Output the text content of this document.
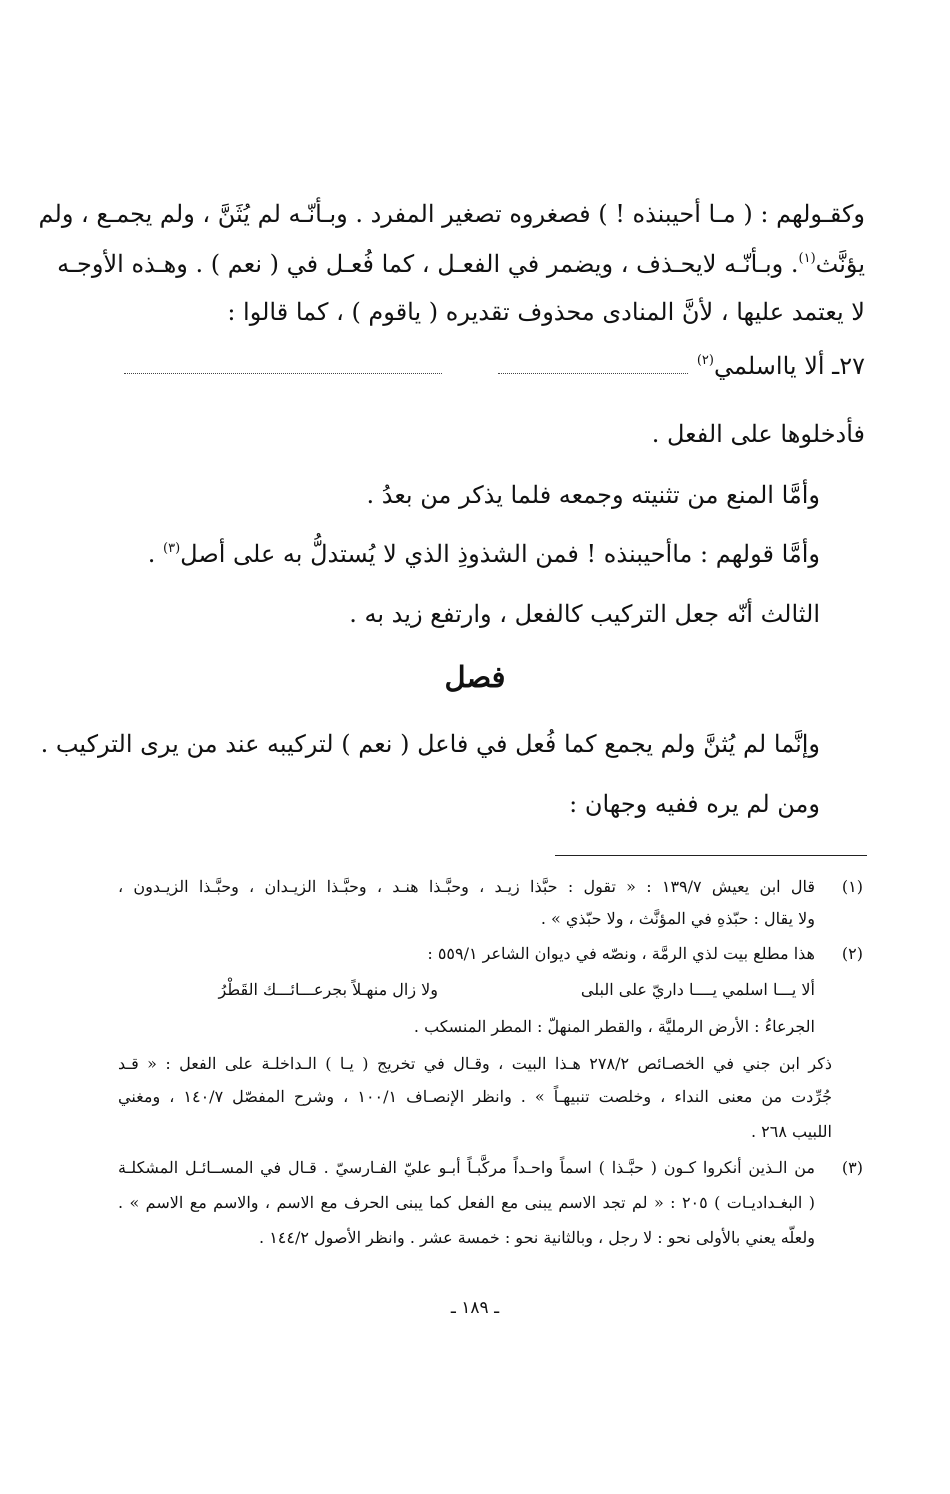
وكقـولهم : ( مـا أحيبنذه ! ) فصغروه تصغير المفرد . وبـأنّـه لم يُثَنَّ ، ولم يجمـع ، ولم
يؤنَّث$^{(١)}$. وبـأنّـه لايحـذف ، ويضمر في الفعـل ، كما فُعـل في ( نعم ) . وهـذه الأوجـه
لا يعتمد عليها ، لأنَّ المنادى محذوف تقديره ( ياقوم ) ، كما قالوا :
٢٧ـ ألا يااسلمي$^{(٢)}$
فأدخلوها على الفعل .
وأمَّا المنع من تثنيته وجمعه فلما يذكر من بعدُ .
وأمَّا قولهم : ماأحيبنذه ! فمن الشذوذِ الذي لا يُستدلُّ به على أصل$^{(٣)}$ .
الثالث أنّه جعل التركيب كالفعل ، وارتفع زيد به .
وإنَّما لم يُثنَّ ولم يجمع كما فُعل في فاعل ( نعم ) لتركيبه عند من يرى التركيب .
ومن لم يره ففيه وجهان :
فصل
(١)
قال ابن يعيش ١٣٩/٧ : « تقول : حبَّذا زيـد ، وحبَّـذا هنـد ، وحبَّـذا الزيـدان ، وحبَّـذا الزيـدون ،
ولا يقال : حبّذهِ في المؤنَّث ، ولا حبّذي » .
(٢)
هذا مطلع بيت لذي الرمَّة ، ونصّه في ديوان الشاعر ٥٥٩/١ :
ألا يـــا اسلمي يــــا داريّ على البلى
ولا زال منهـلاً بجرعـــائـــك القَطْرُ
الجرعاءُ : الأرض الرمليَّة ، والقطر المنهلّ : المطر المنسكب .
ذكر ابن جني في الخصـائص ٢٧٨/٢ هـذا البيت ، وقـال في تخريج ( يـا ) الـداخلـة على الفعل : « قـد
جُرِّدت من معنى النداء ، وخلصت تنبيهـاً » . وانظر الإنصـاف ١٠٠/١ ، وشرح المفصّل ١٤٠/٧ ، ومغني
اللبيب ٢٦٨ .
(٣)
من الـذين أنكروا كـون ( حبَّـذا ) اسماً واحـداً مركَّبـاً أبـو عليّ الفـارسيّ . قـال في المســائـل المشكلـة
( البغـداديـات ) ٢٠٥ : « لم تجد الاسم يبنى مع الفعل كما يبنى الحرف مع الاسم ، والاسم مع الاسم » .
ولعلّه يعني بالأولى نحو : لا رجل ، وبالثانية نحو : خمسة عشر . وانظر الأصول ١٤٤/٢ .
ـ ١٨٩ ـ
